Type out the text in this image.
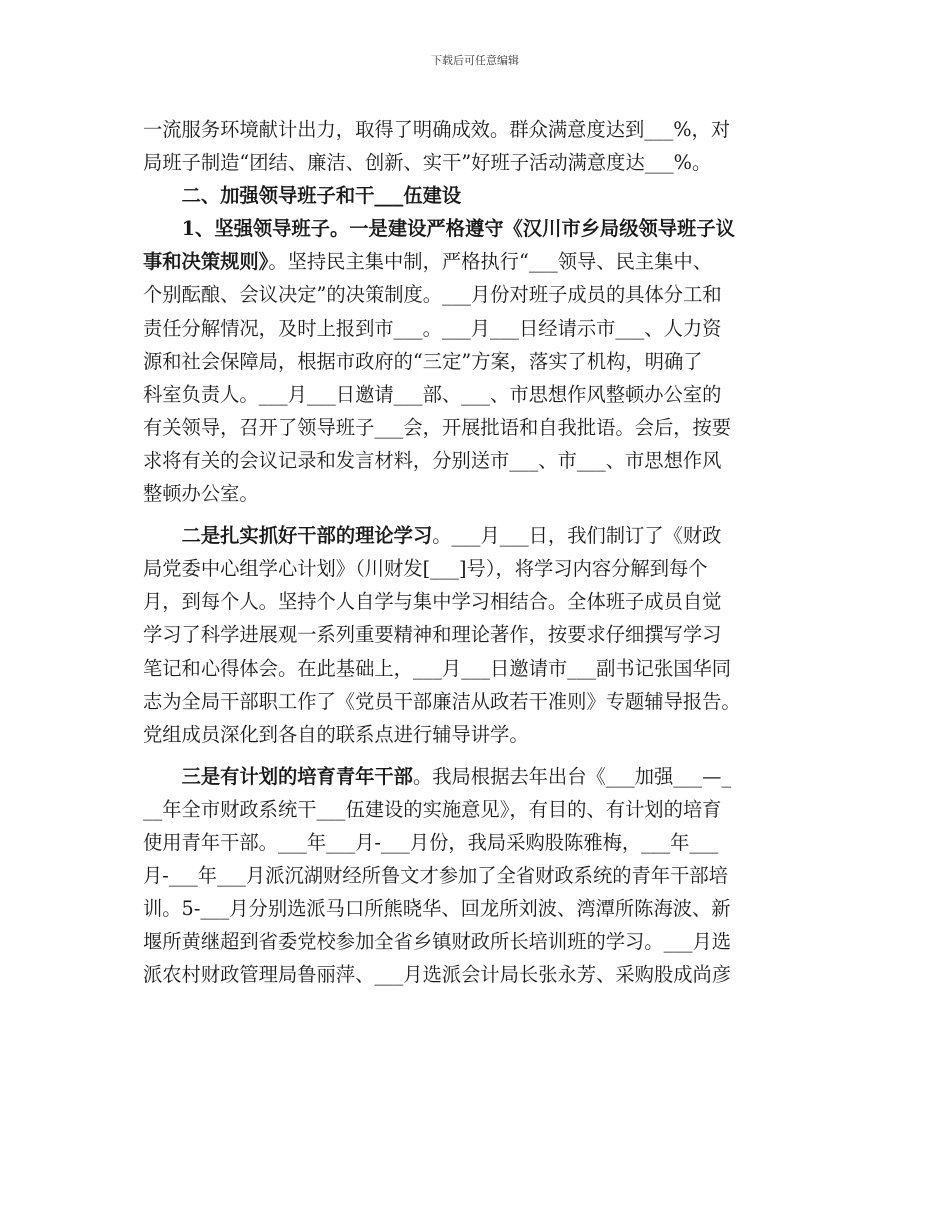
下载后可任意编辑
一流服务环境献计出力，取得了明确成效。群众满意度达到___%，对
局班子制造“团结、廉洁、创新、实干”好班子活动满意度达___%。
二、加强领导班子和干___伍建设
1、坚强领导班子。一是建设严格遵守《汉川市乡局级领导班子议
事和决策规则》。坚持民主集中制，严格执行“___领导、民主集中、
个别酝酿、会议决定”的决策制度。___月份对班子成员的具体分工和
责任分解情况，及时上报到市___。___月___日经请示市___、人力资
源和社会保障局，根据市政府的“三定”方案，落实了机构，明确了
科室负责人。___月___日邀请___部、___、市思想作风整顿办公室的
有关领导，召开了领导班子___会，开展批语和自我批语。会后，按要
求将有关的会议记录和发言材料，分别送市___、市___、市思想作风
整顿办公室。
二是扎实抓好干部的理论学习。___月___日，我们制订了《财政
局党委中心组学心计划》（川财发[___]号），将学习内容分解到每个
月，到每个人。坚持个人自学与集中学习相结合。全体班子成员自觉
学习了科学进展观一系列重要精神和理论著作，按要求仔细撰写学习
笔记和心得体会。在此基础上，___月___日邀请市___副书记张国华同
志为全局干部职工作了《党员干部廉洁从政若干准则》专题辅导报告。
党组成员深化到各自的联系点进行辅导讲学。
三是有计划的培育青年干部。我局根据去年出台《___加强___—_
__年全市财政系统干___伍建设的实施意见》，有目的、有计划的培育
使用青年干部。___年___月-___月份，我局采购股陈雅梅，___年___
月-___年___月派沉湖财经所鲁文才参加了全省财政系统的青年干部培
训。5-___月分别选派马口所熊晓华、回龙所刘波、湾潭所陈海波、新
堰所黄继超到省委党校参加全省乡镇财政所长培训班的学习。___月选
派农村财政管理局鲁丽萍、___月选派会计局长张永芳、采购股成尚彦
